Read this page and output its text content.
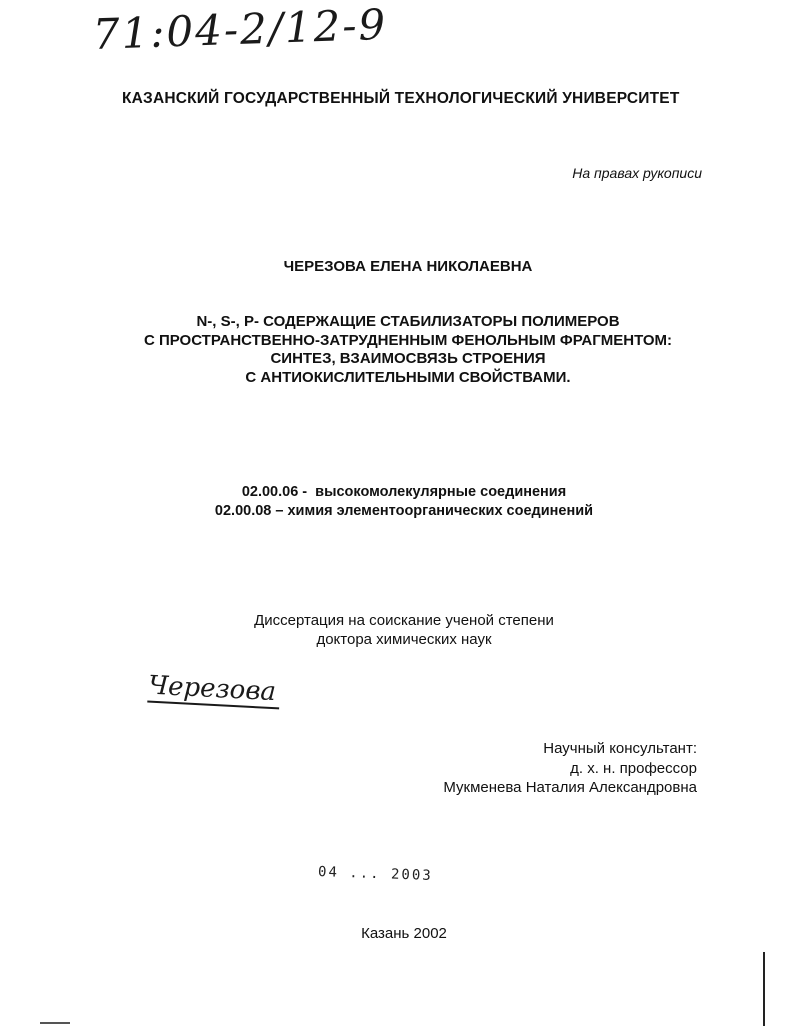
71:04-2/12-9
КАЗАНСКИЙ ГОСУДАРСТВЕННЫЙ ТЕХНОЛОГИЧЕСКИЙ УНИВЕРСИТЕТ
На правах рукописи
ЧЕРЕЗОВА ЕЛЕНА НИКОЛАЕВНА
N-, S-, P- СОДЕРЖАЩИЕ СТАБИЛИЗАТОРЫ ПОЛИМЕРОВ
С ПРОСТРАНСТВЕННО-ЗАТРУДНЕННЫМ ФЕНОЛЬНЫМ ФРАГМЕНТОМ:
СИНТЕЗ, ВЗАИМОСВЯЗЬ СТРОЕНИЯ
С АНТИОКИСЛИТЕЛЬНЫМИ СВОЙСТВАМИ.
02.00.06 -  высокомолекулярные соединения
02.00.08 – химия элементоорганических соединений
Диссертация на соискание ученой степени
доктора химических наук
Черезова
Научный консультант:
д. х. н. профессор
Мукменева Наталия Александровна
04 ... 2003
Казань 2002
